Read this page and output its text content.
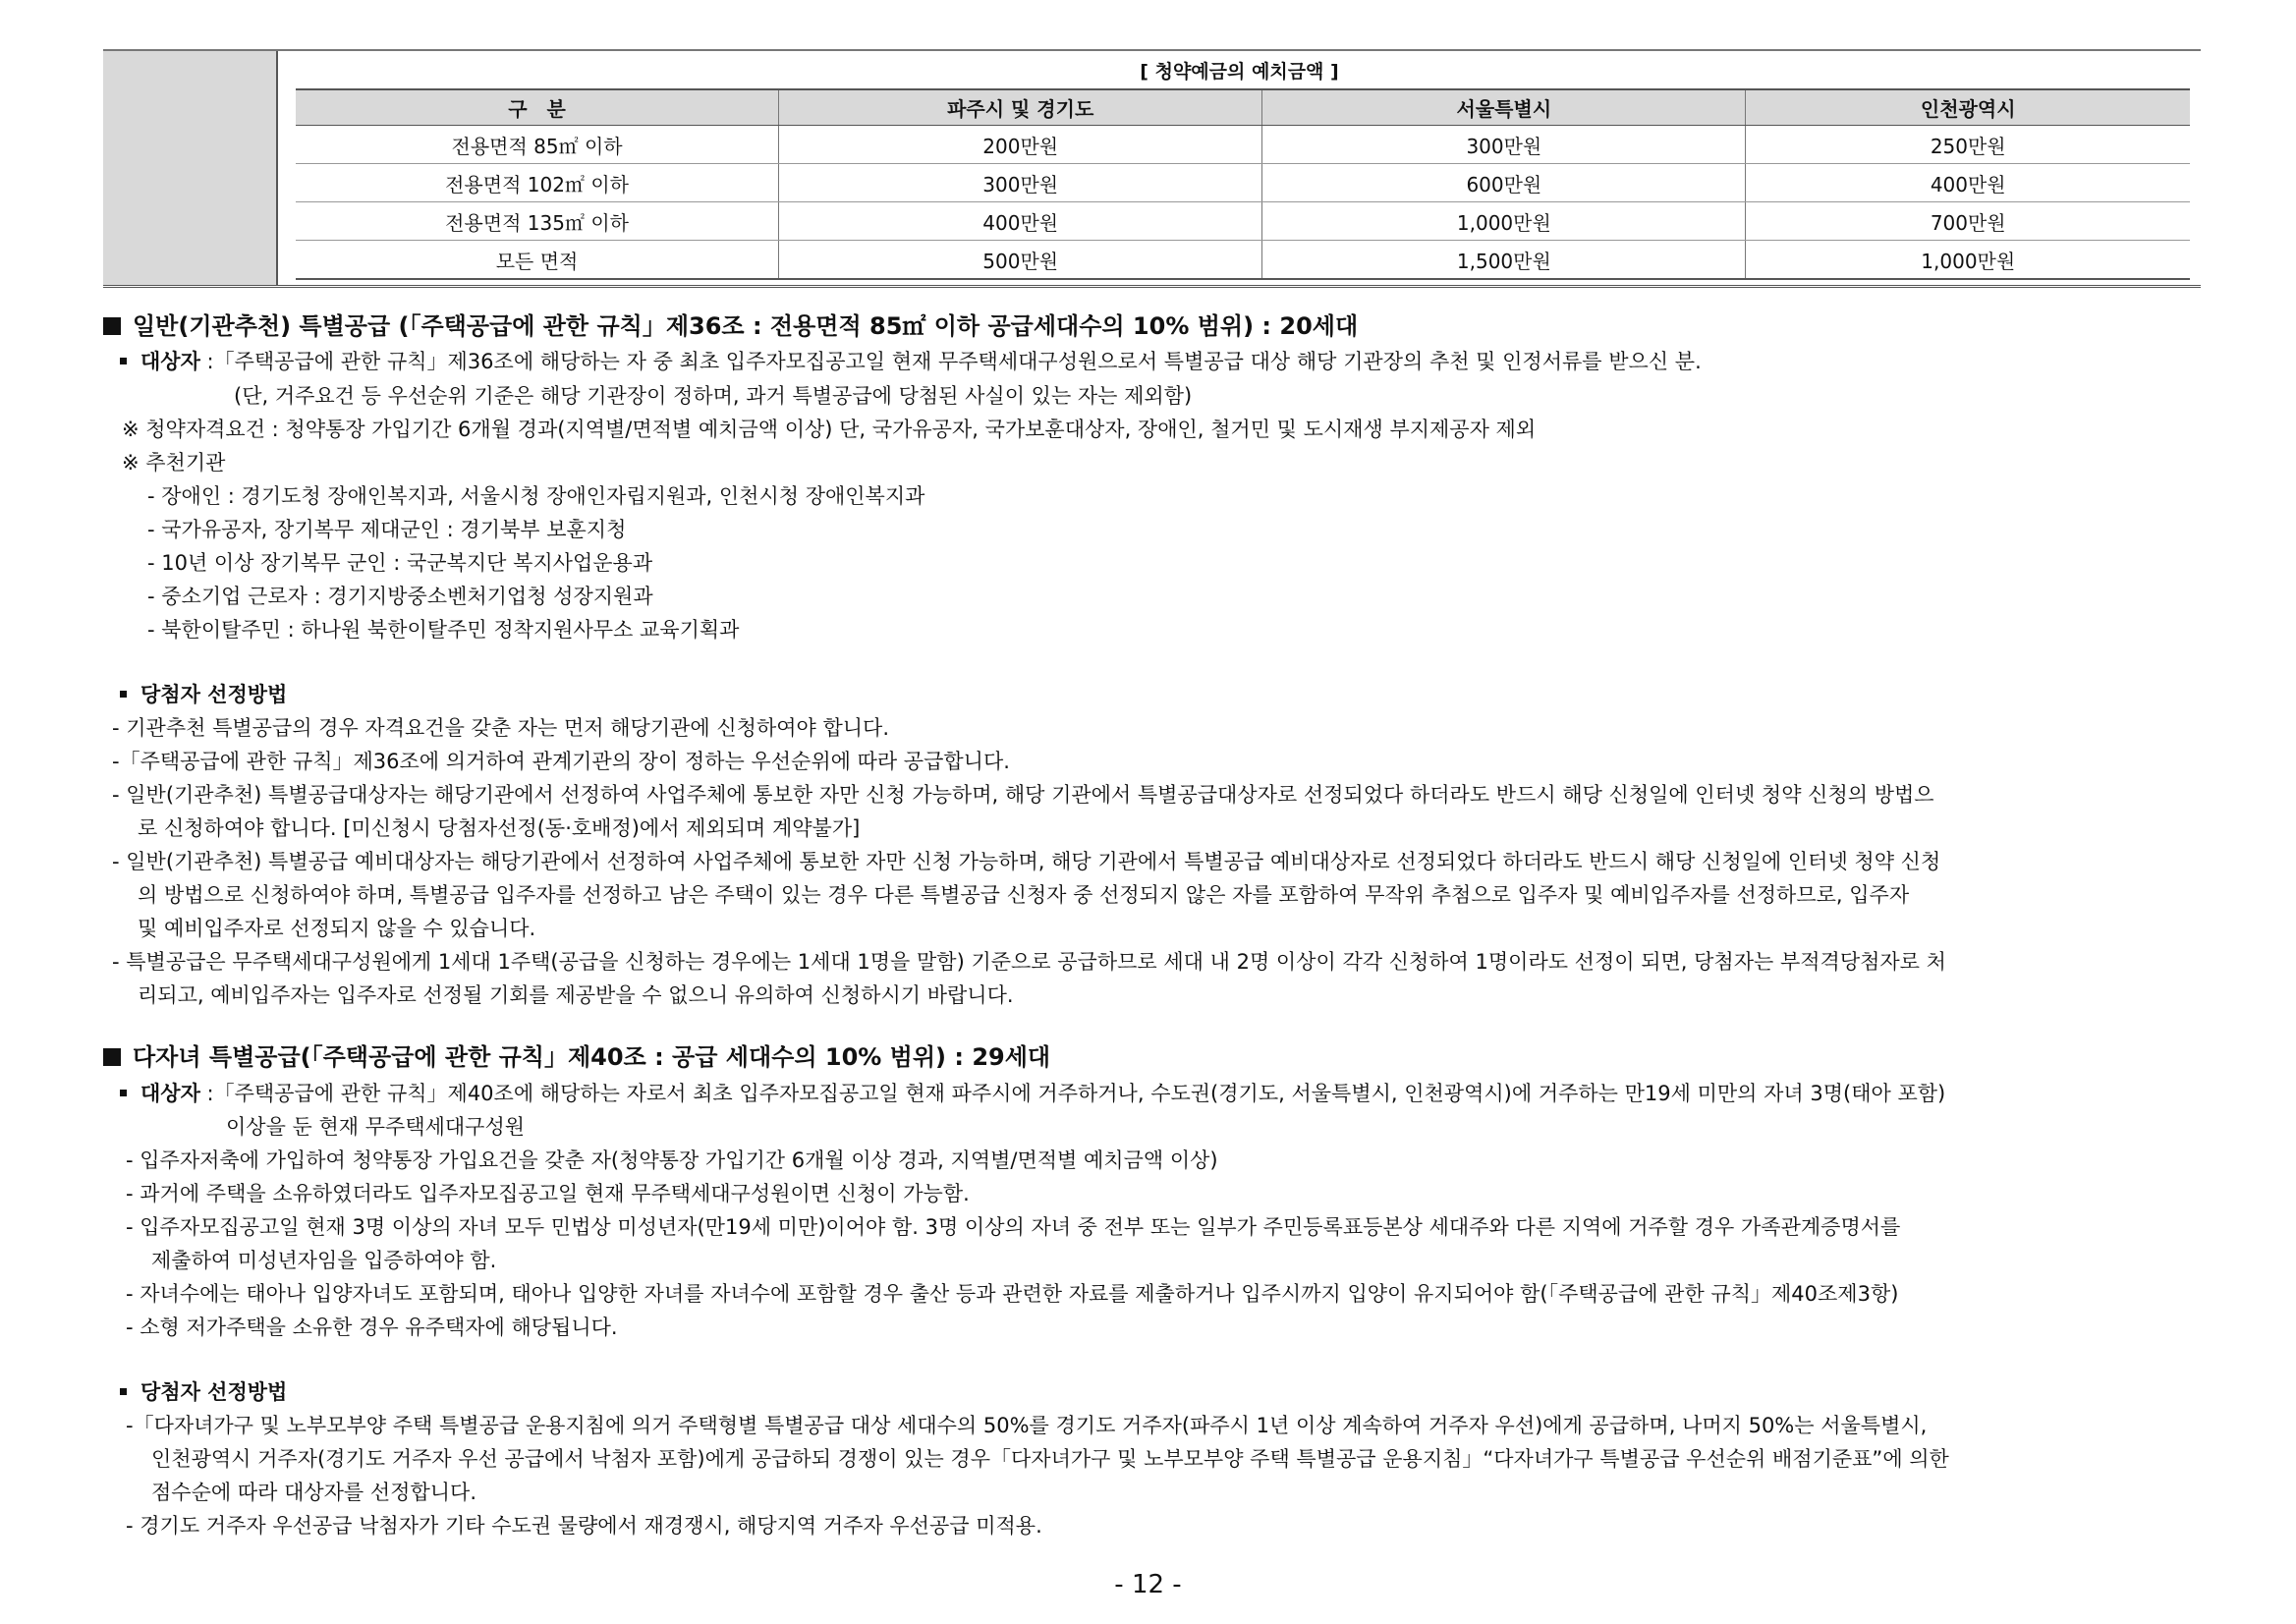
[ 청약예금의 예치금액 ]
구　분	파주시 및 경기도	서울특별시	인천광역시
전용면적 85㎡ 이하	200만원	300만원	250만원
전용면적 102㎡ 이하	300만원	600만원	400만원
전용면적 135㎡ 이하	400만원	1,000만원	700만원
모든 면적	500만원	1,500만원	1,000만원
일반(기관추천) 특별공급 (「주택공급에 관한 규칙」제36조 : 전용면적 85㎡ 이하 공급세대수의 10% 범위) : 20세대
대상자 :「주택공급에 관한 규칙」제36조에 해당하는 자 중 최초 입주자모집공고일 현재 무주택세대구성원으로서 특별공급 대상 해당 기관장의 추천 및 인정서류를 받으신 분.
(단, 거주요건 등 우선순위 기준은 해당 기관장이 정하며, 과거 특별공급에 당첨된 사실이 있는 자는 제외함)
※ 청약자격요건 : 청약통장 가입기간 6개월 경과(지역별/면적별 예치금액 이상) 단, 국가유공자, 국가보훈대상자, 장애인, 철거민 및 도시재생 부지제공자 제외
※ 추천기관
- 장애인 : 경기도청 장애인복지과, 서울시청 장애인자립지원과, 인천시청 장애인복지과
- 국가유공자, 장기복무 제대군인 : 경기북부 보훈지청
- 10년 이상 장기복무 군인 : 국군복지단 복지사업운용과
- 중소기업 근로자 : 경기지방중소벤처기업청 성장지원과
- 북한이탈주민 : 하나원 북한이탈주민 정착지원사무소 교육기획과
당첨자 선정방법
- 기관추천 특별공급의 경우 자격요건을 갖춘 자는 먼저 해당기관에 신청하여야 합니다.
-「주택공급에 관한 규칙」제36조에 의거하여 관계기관의 장이 정하는 우선순위에 따라 공급합니다.
- 일반(기관추천) 특별공급대상자는 해당기관에서 선정하여 사업주체에 통보한 자만 신청 가능하며, 해당 기관에서 특별공급대상자로 선정되었다 하더라도 반드시 해당 신청일에 인터넷 청약 신청의 방법으
로 신청하여야 합니다. [미신청시 당첨자선정(동·호배정)에서 제외되며 계약불가]
- 일반(기관추천) 특별공급 예비대상자는 해당기관에서 선정하여 사업주체에 통보한 자만 신청 가능하며, 해당 기관에서 특별공급 예비대상자로 선정되었다 하더라도 반드시 해당 신청일에 인터넷 청약 신청
의 방법으로 신청하여야 하며, 특별공급 입주자를 선정하고 남은 주택이 있는 경우 다른 특별공급 신청자 중 선정되지 않은 자를 포함하여 무작위 추첨으로 입주자 및 예비입주자를 선정하므로, 입주자
및 예비입주자로 선정되지 않을 수 있습니다.
- 특별공급은 무주택세대구성원에게 1세대 1주택(공급을 신청하는 경우에는 1세대 1명을 말함) 기준으로 공급하므로 세대 내 2명 이상이 각각 신청하여 1명이라도 선정이 되면, 당첨자는 부적격당첨자로 처
리되고, 예비입주자는 입주자로 선정될 기회를 제공받을 수 없으니 유의하여 신청하시기 바랍니다.
다자녀 특별공급(「주택공급에 관한 규칙」제40조 : 공급 세대수의 10% 범위) : 29세대
대상자 :「주택공급에 관한 규칙」제40조에 해당하는 자로서 최초 입주자모집공고일 현재 파주시에 거주하거나, 수도권(경기도, 서울특별시, 인천광역시)에 거주하는 만19세 미만의 자녀 3명(태아 포함)
이상을 둔 현재 무주택세대구성원
- 입주자저축에 가입하여 청약통장 가입요건을 갖춘 자(청약통장 가입기간 6개월 이상 경과, 지역별/면적별 예치금액 이상)
- 과거에 주택을 소유하였더라도 입주자모집공고일 현재 무주택세대구성원이면 신청이 가능함.
- 입주자모집공고일 현재 3명 이상의 자녀 모두 민법상 미성년자(만19세 미만)이어야 함. 3명 이상의 자녀 중 전부 또는 일부가 주민등록표등본상 세대주와 다른 지역에 거주할 경우 가족관계증명서를
제출하여 미성년자임을 입증하여야 함.
- 자녀수에는 태아나 입양자녀도 포함되며, 태아나 입양한 자녀를 자녀수에 포함할 경우 출산 등과 관련한 자료를 제출하거나 입주시까지 입양이 유지되어야 함(「주택공급에 관한 규칙」제40조제3항)
- 소형 저가주택을 소유한 경우 유주택자에 해당됩니다.
당첨자 선정방법
-「다자녀가구 및 노부모부양 주택 특별공급 운용지침에 의거 주택형별 특별공급 대상 세대수의 50%를 경기도 거주자(파주시 1년 이상 계속하여 거주자 우선)에게 공급하며, 나머지 50%는 서울특별시,
인천광역시 거주자(경기도 거주자 우선 공급에서 낙첨자 포함)에게 공급하되 경쟁이 있는 경우「다자녀가구 및 노부모부양 주택 특별공급 운용지침」“다자녀가구 특별공급 우선순위 배점기준표”에 의한
점수순에 따라 대상자를 선정합니다.
- 경기도 거주자 우선공급 낙첨자가 기타 수도권 물량에서 재경쟁시, 해당지역 거주자 우선공급 미적용.
- 12 -
